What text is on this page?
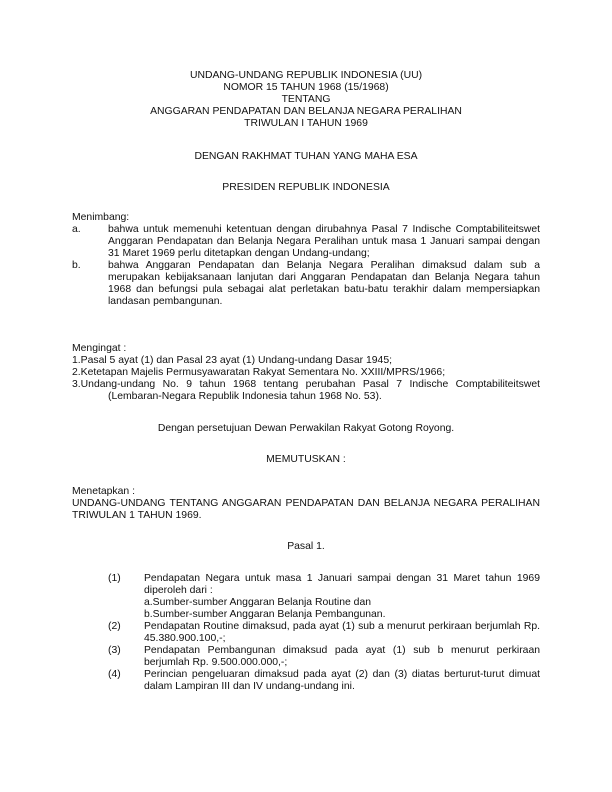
UNDANG-UNDANG REPUBLIK INDONESIA (UU)
NOMOR 15 TAHUN 1968 (15/1968)
TENTANG
ANGGARAN PENDAPATAN DAN BELANJA NEGARA PERALIHAN
TRIWULAN I TAHUN 1969
DENGAN RAKHMAT TUHAN YANG MAHA ESA
PRESIDEN REPUBLIK INDONESIA
Menimbang:
a.	bahwa untuk memenuhi ketentuan dengan dirubahnya Pasal 7 Indische Comptabiliteitswet Anggaran Pendapatan dan Belanja Negara Peralihan untuk masa 1 Januari sampai dengan 31 Maret 1969 perlu ditetapkan dengan Undang-undang;
b.	bahwa Anggaran Pendapatan dan Belanja Negara Peralihan dimaksud dalam sub a merupakan kebijaksanaan lanjutan dari Anggaran Pendapatan dan Belanja Negara tahun 1968 dan befungsi pula sebagai alat perletakan batu-batu terakhir dalam mempersiapkan landasan pembangunan.
Mengingat :
1.Pasal 5 ayat (1) dan Pasal 23 ayat (1) Undang-undang Dasar 1945;
2.Ketetapan Majelis Permusyawaratan Rakyat Sementara No. XXIII/MPRS/1966;
3.Undang-undang No. 9 tahun 1968 tentang perubahan Pasal 7 Indische Comptabiliteitswet (Lembaran-Negara Republik Indonesia tahun 1968 No. 53).
Dengan persetujuan Dewan Perwakilan Rakyat Gotong Royong.
MEMUTUSKAN :
Menetapkan :
UNDANG-UNDANG TENTANG ANGGARAN PENDAPATAN DAN BELANJA NEGARA PERALIHAN TRIWULAN 1 TAHUN 1969.
Pasal 1.
(1)	Pendapatan Negara untuk masa 1 Januari sampai dengan 31 Maret tahun 1969 diperoleh dari :
a.Sumber-sumber Anggaran Belanja Routine dan
b.Sumber-sumber Anggaran Belanja Pembangunan.
(2)	Pendapatan Routine dimaksud, pada ayat (1) sub a menurut perkiraan berjumlah Rp. 45.380.900.100,-;
(3)	Pendapatan Pembangunan dimaksud pada ayat (1) sub b menurut perkiraan berjumlah Rp. 9.500.000.000,-;
(4)	Perincian pengeluaran dimaksud pada ayat (2) dan (3) diatas berturut-turut dimuat dalam Lampiran III dan IV undang-undang ini.
